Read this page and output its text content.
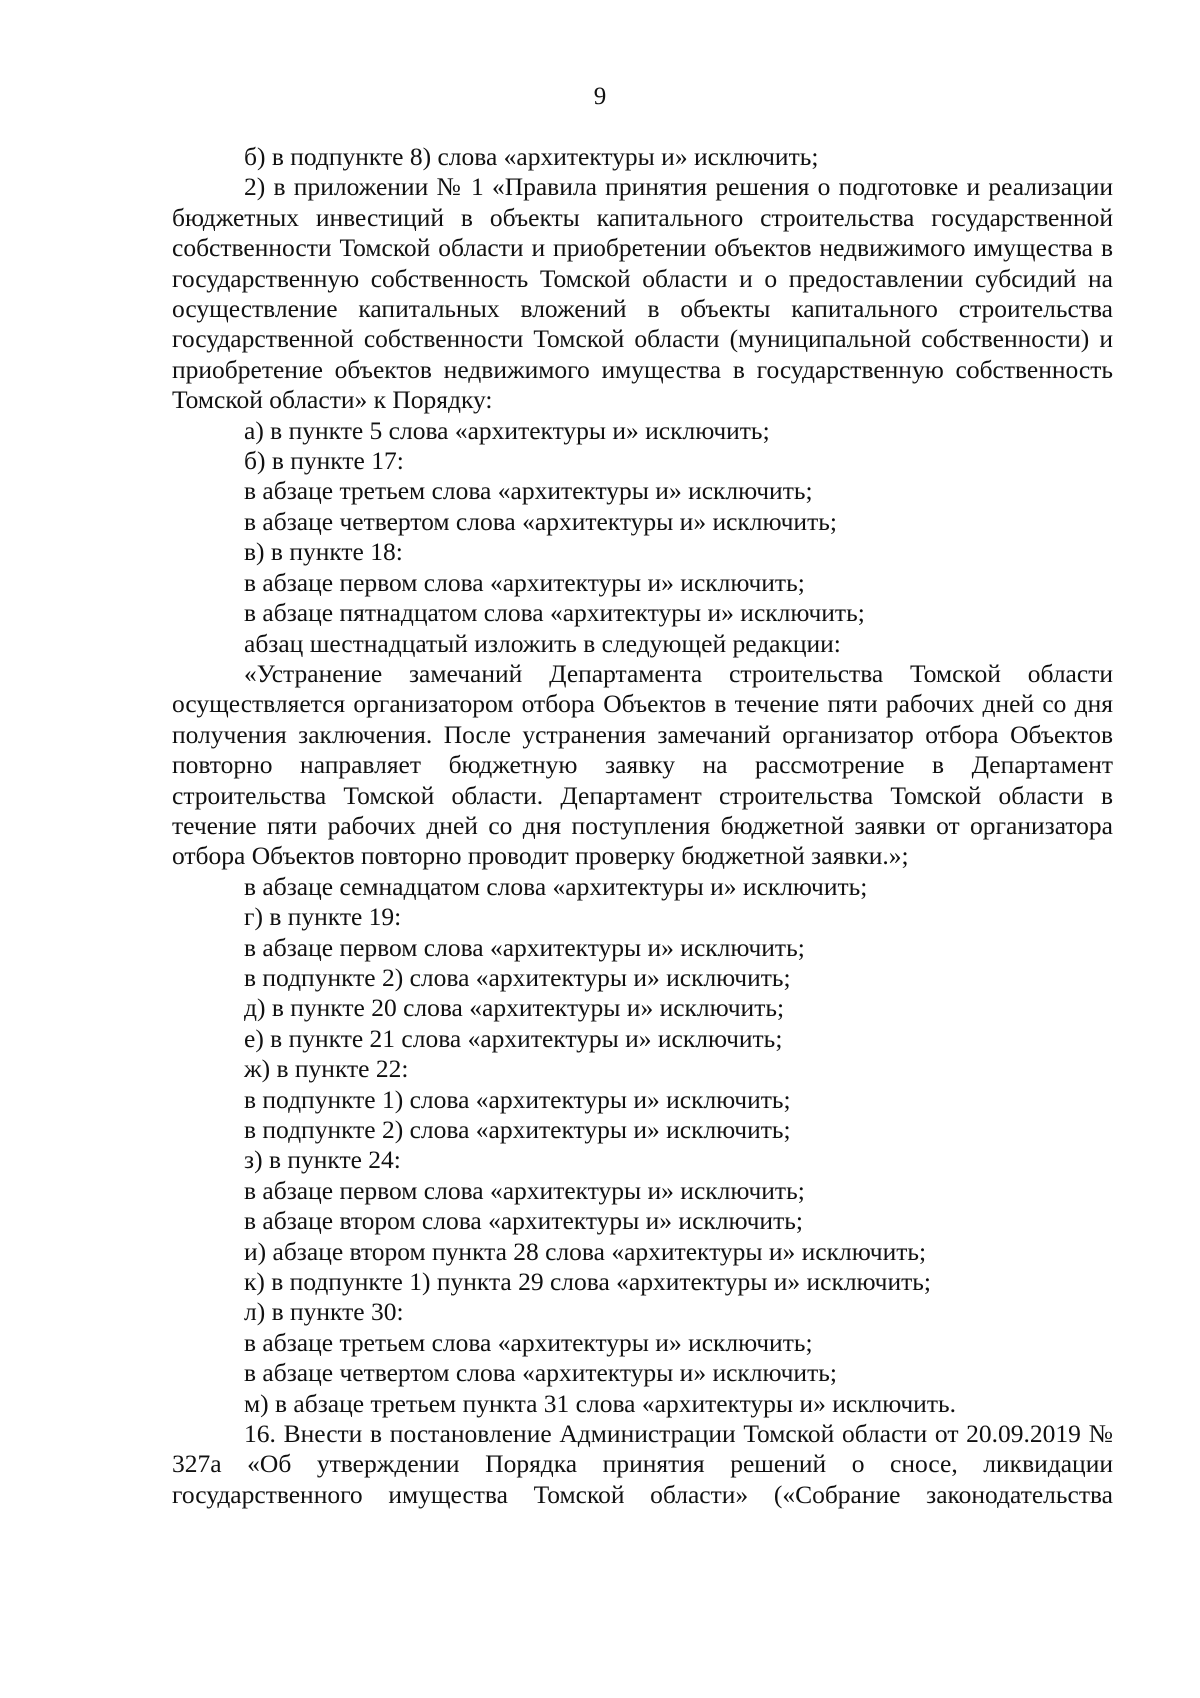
9

б) в подпункте 8) слова «архитектуры и» исключить;

2) в приложении № 1 «Правила принятия решения о подготовке и реализации бюджетных инвестиций в объекты капитального строительства государственной собственности Томской области и приобретении объектов недвижимого имущества в государственную собственность Томской области и о предоставлении субсидий на осуществление капитальных вложений в объекты капитального строительства государственной собственности Томской области (муниципальной собственности) и приобретение объектов недвижимого имущества в государственную собственность Томской области» к Порядку:

а) в пункте 5 слова «архитектуры и» исключить;

б) в пункте 17:

в абзаце третьем слова «архитектуры и» исключить;

в абзаце четвертом слова «архитектуры и» исключить;

в) в пункте 18:

в абзаце первом слова «архитектуры и» исключить;

в абзаце пятнадцатом слова «архитектуры и» исключить;

абзац шестнадцатый изложить в следующей редакции:

«Устранение замечаний Департамента строительства Томской области осуществляется организатором отбора Объектов в течение пяти рабочих дней со дня получения заключения. После устранения замечаний организатор отбора Объектов повторно направляет бюджетную заявку на рассмотрение в Департамент строительства Томской области. Департамент строительства Томской области в течение пяти рабочих дней со дня поступления бюджетной заявки от организатора отбора Объектов повторно проводит проверку бюджетной заявки.»;

в абзаце семнадцатом слова «архитектуры и» исключить;

г) в пункте 19:

в абзаце первом слова «архитектуры и» исключить;

в подпункте 2) слова «архитектуры и» исключить;

д) в пункте 20 слова «архитектуры и» исключить;

е) в пункте 21 слова «архитектуры и» исключить;

ж) в пункте 22:

в подпункте 1) слова «архитектуры и» исключить;

в подпункте 2) слова «архитектуры и» исключить;

з) в пункте 24:

в абзаце первом слова «архитектуры и» исключить;

в абзаце втором слова «архитектуры и» исключить;

и) абзаце втором пункта 28 слова «архитектуры и» исключить;

к) в подпункте 1) пункта 29 слова «архитектуры и» исключить;

л) в пункте 30:

в абзаце третьем слова «архитектуры и» исключить;

в абзаце четвертом слова «архитектуры и» исключить;

м) в абзаце третьем пункта 31 слова «архитектуры и» исключить.

16. Внести в постановление Администрации Томской области от 20.09.2019 № 327а «Об утверждении Порядка принятия решений о сносе, ликвидации государственного имущества Томской области» («Собрание законодательства
